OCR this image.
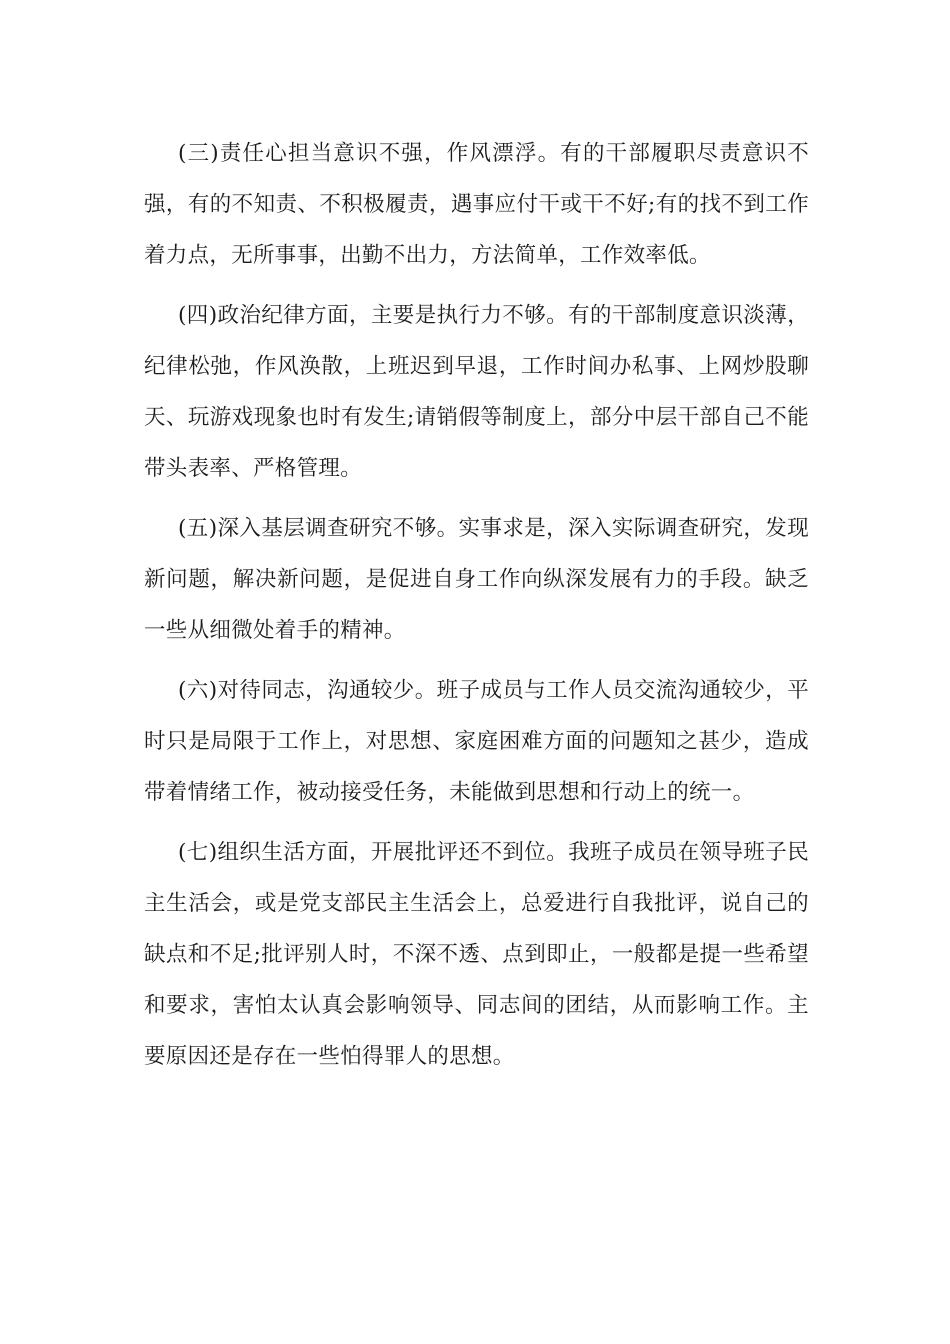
(三)责任心担当意识不强，作风漂浮。有的干部履职尽责意识不强，有的不知责、不积极履责，遇事应付干或干不好;有的找不到工作着力点，无所事事，出勤不出力，方法简单，工作效率低。

(四)政治纪律方面，主要是执行力不够。有的干部制度意识淡薄，纪律松弛，作风涣散，上班迟到早退，工作时间办私事、上网炒股聊天、玩游戏现象也时有发生;请销假等制度上，部分中层干部自己不能带头表率、严格管理。

(五)深入基层调查研究不够。实事求是，深入实际调查研究，发现新问题，解决新问题，是促进自身工作向纵深发展有力的手段。缺乏一些从细微处着手的精神。

(六)对待同志，沟通较少。班子成员与工作人员交流沟通较少，平时只是局限于工作上，对思想、家庭困难方面的问题知之甚少，造成带着情绪工作，被动接受任务，未能做到思想和行动上的统一。

(七)组织生活方面，开展批评还不到位。我班子成员在领导班子民主生活会，或是党支部民主生活会上，总爱进行自我批评，说自己的缺点和不足;批评别人时，不深不透、点到即止，一般都是提一些希望和要求，害怕太认真会影响领导、同志间的团结，从而影响工作。主要原因还是存在一些怕得罪人的思想。
